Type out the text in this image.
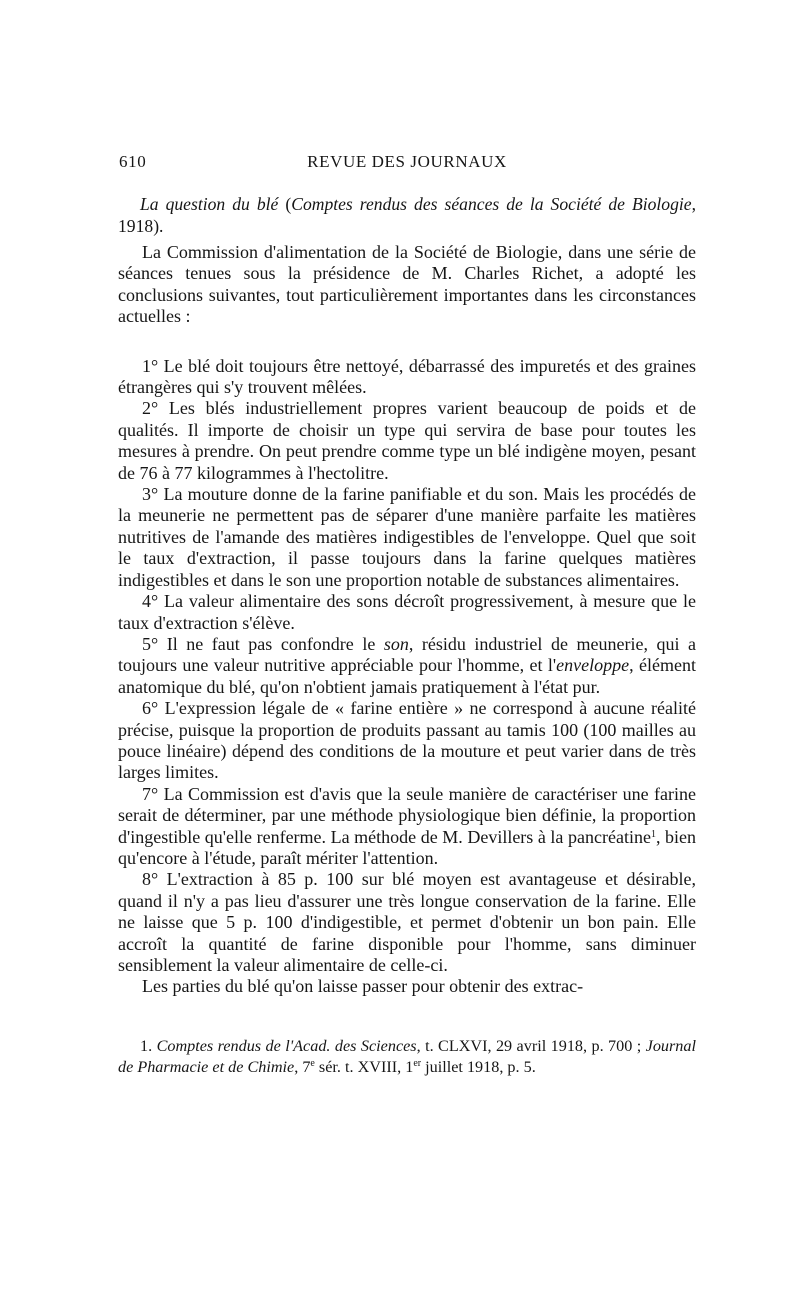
610	REVUE DES JOURNAUX

La question du blé (Comptes rendus des séances de la Société de Biologie, 1918).

La Commission d'alimentation de la Société de Biologie, dans une série de séances tenues sous la présidence de M. Charles Richet, a adopté les conclusions suivantes, tout particulièrement importantes dans les circonstances actuelles :

1° Le blé doit toujours être nettoyé, débarrassé des impuretés et des graines étrangères qui s'y trouvent mêlées.

2° Les blés industriellement propres varient beaucoup de poids et de qualités. Il importe de choisir un type qui servira de base pour toutes les mesures à prendre. On peut prendre comme type un blé indigène moyen, pesant de 76 à 77 kilogrammes à l'hectolitre.

3° La mouture donne de la farine panifiable et du son. Mais les procédés de la meunerie ne permettent pas de séparer d'une manière parfaite les matières nutritives de l'amande des matières indigestibles de l'enveloppe. Quel que soit le taux d'extraction, il passe toujours dans la farine quelques matières indigestibles et dans le son une proportion notable de substances alimentaires.

4° La valeur alimentaire des sons décroît progressivement, à mesure que le taux d'extraction s'élève.

5° Il ne faut pas confondre le son, résidu industriel de meunerie, qui a toujours une valeur nutritive appréciable pour l'homme, et l'enveloppe, élément anatomique du blé, qu'on n'obtient jamais pratiquement à l'état pur.

6° L'expression légale de « farine entière » ne correspond à aucune réalité précise, puisque la proportion de produits passant au tamis 100 (100 mailles au pouce linéaire) dépend des conditions de la mouture et peut varier dans de très larges limites.

7° La Commission est d'avis que la seule manière de caractériser une farine serait de déterminer, par une méthode physiologique bien définie, la proportion d'ingestible qu'elle renferme. La méthode de M. Devillers à la pancréatine$^1$, bien qu'encore à l'étude, paraît mériter l'attention.

8° L'extraction à 85 p. 100 sur blé moyen est avantageuse et désirable, quand il n'y a pas lieu d'assurer une très longue conservation de la farine. Elle ne laisse que 5 p. 100 d'indigestible, et permet d'obtenir un bon pain. Elle accroît la quantité de farine disponible pour l'homme, sans diminuer sensiblement la valeur alimentaire de celle-ci.

Les parties du blé qu'on laisse passer pour obtenir des extrac-

1. Comptes rendus de l'Acad. des Sciences, t. CLXVI, 29 avril 1918, p. 700 ; Journal de Pharmacie et de Chimie, 7e sér. t. XVIII, 1er juillet 1918, p. 5.
